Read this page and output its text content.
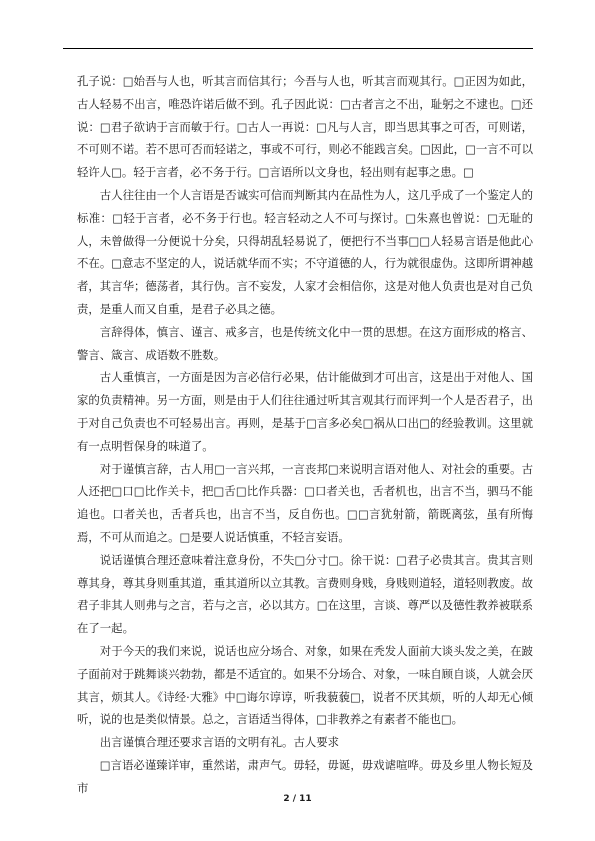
孔子说：□始吾与人也，听其言而信其行；今吾与人也，听其言而观其行。□正因为如此，古人轻易不出言，唯恐许诺后做不到。孔子因此说：□古者言之不出，耻躬之不逮也。□还说：□君子欲讷于言而敏于行。□古人一再说：□凡与人言，即当思其事之可否，可则诺，不可则不诺。若不思可否而轻诺之，事或不可行，则必不能践言矣。□因此，□一言不可以轻许人□。轻于言者，必不务于行。□言语所以文身也，轻出则有起事之患。□

古人往往由一个人言语是否诚实可信而判断其内在品性为人，这几乎成了一个鉴定人的标准：□轻于言者，必不务于行也。轻言轻动之人不可与探讨。□朱熹也曾说：□无耻的人，未曾做得一分便说十分矣，只得胡乱轻易说了，便把行不当事□□人轻易言语是他此心不在。□意志不坚定的人，说话就华而不实；不守道德的人，行为就很虚伪。这即所谓神越者，其言华；德荡者，其行伪。言不妄发，人家才会相信你，这是对他人负责也是对自己负责，是重人而又自重，是君子必具之德。

言辞得体，慎言、谨言、戒多言，也是传统文化中一贯的思想。在这方面形成的格言、警言、箴言、成语数不胜数。

古人重慎言，一方面是因为言必信行必果，估计能做到才可出言，这是出于对他人、国家的负责精神。另一方面，则是由于人们往往通过听其言观其行而评判一个人是否君子，出于对自己负责也不可轻易出言。再则，是基于□言多必矣□祸从口出□的经验教训。这里就有一点明哲保身的味道了。

对于谨慎言辞，古人用□一言兴邦，一言丧邦□来说明言语对他人、对社会的重要。古人还把□口□比作关卡，把□舌□比作兵器：□口者关也，舌者机也，出言不当，驷马不能追也。口者关也，舌者兵也，出言不当，反自伤也。□□言犹射箭，箭既离弦，虽有所悔焉，不可从而追之。□是要人说话慎重，不轻言妄语。

说话谨慎合理还意味着注意身份，不失□分寸□。徐干说：□君子必贵其言。贵其言则尊其身，尊其身则重其道，重其道所以立其教。言费则身贱，身贱则道轻，道轻则教废。故君子非其人则弗与之言，若与之言，必以其方。□在这里，言谈、尊严以及德性教养被联系在了一起。

对于今天的我们来说，说话也应分场合、对象，如果在秃发人面前大谈头发之美，在跛子面前对于跳舞谈兴勃勃，都是不适宜的。如果不分场合、对象，一味自顾自谈，人就会厌其言，烦其人。《诗经·大雅》中□诲尔谆谆，听我藐藐□，说者不厌其烦，听的人却无心倾听，说的也是类似情景。总之，言语适当得体，□非教养之有素者不能也□。

出言谨慎合理还要求言语的文明有礼。古人要求

□言语必谨臻详审，重然诺，肃声气。毋轻，毋诞，毋戏谑喧哗。毋及乡里人物长短及市

2 / 11
